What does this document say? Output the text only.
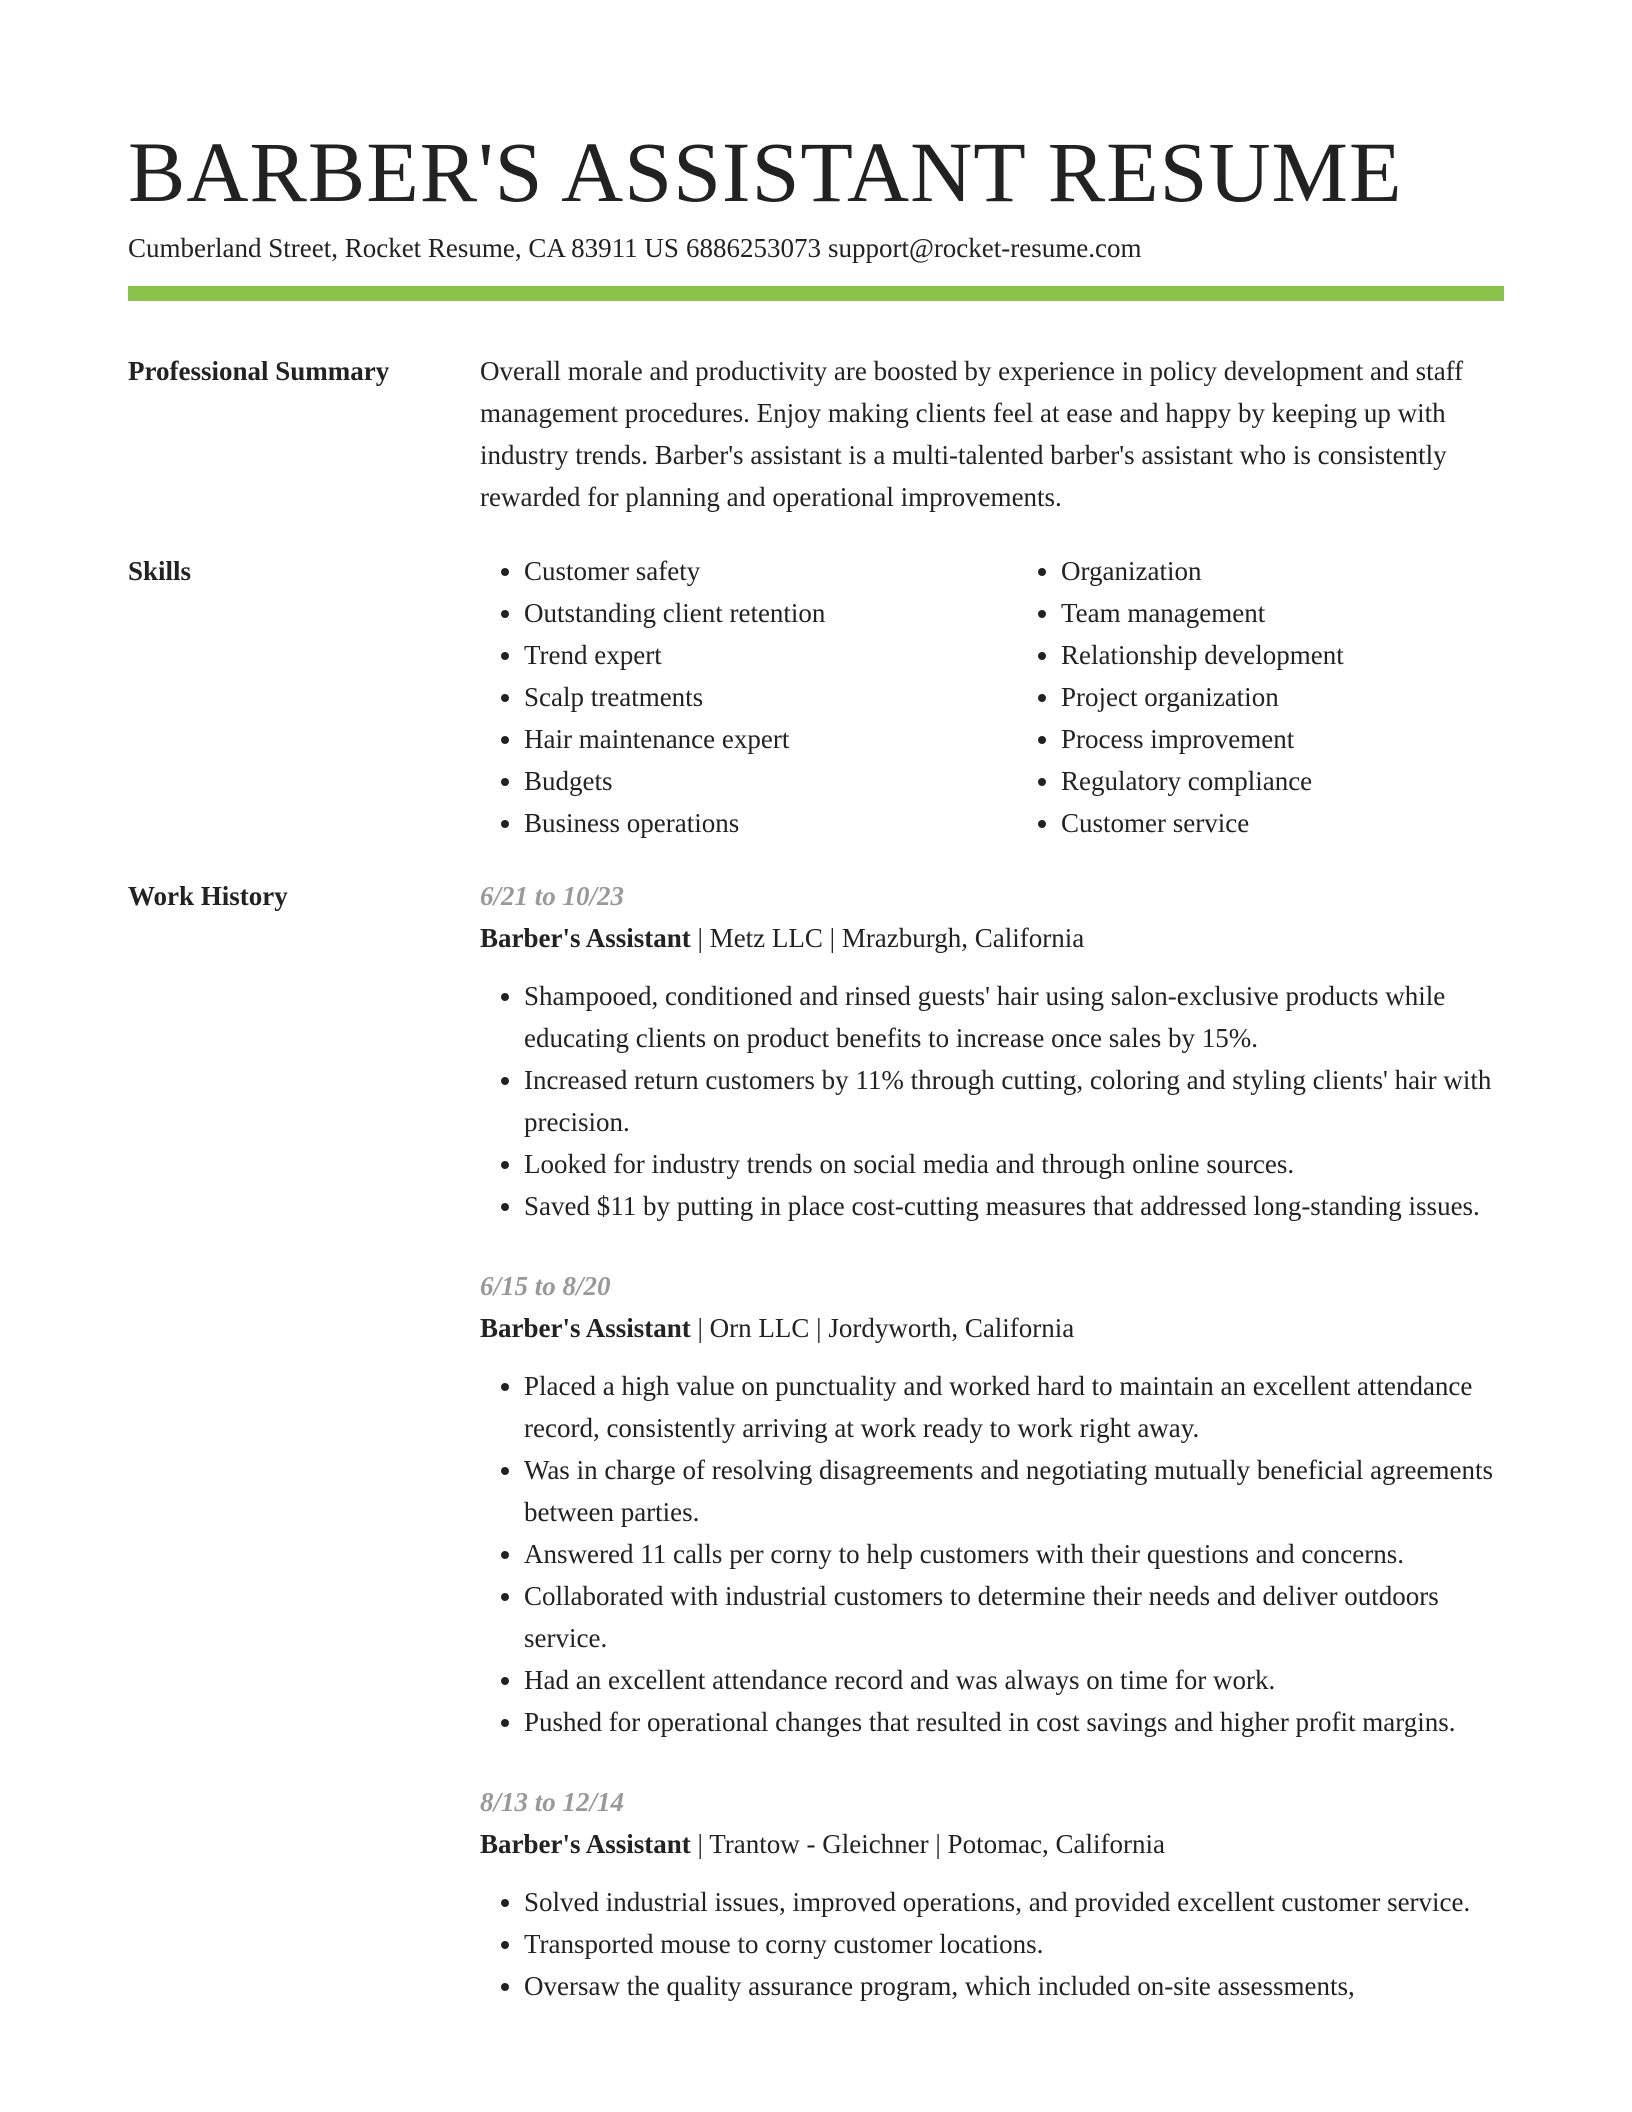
BARBER'S ASSISTANT RESUME
Cumberland Street, Rocket Resume, CA 83911 US 6886253073 support@rocket-resume.com
Professional Summary	Overall morale and productivity are boosted by experience in policy development and staff management procedures. Enjoy making clients feel at ease and happy by keeping up with industry trends. Barber's assistant is a multi-talented barber's assistant who is consistently rewarded for planning and operational improvements.

Skills
•	Customer safety
• Outstanding client retention
• Trend expert
• Scalp treatments
• Hair maintenance expert
• Budgets
• Business operations
• Organization
• Team management
• Relationship development
• Project organization
• Process improvement
• Regulatory compliance
• Customer service
Work History	6/21 to 10/23
Barber's Assistant | Metz LLC | Mrazburgh, California
• Shampooed, conditioned and rinsed guests' hair using salon-exclusive products while educating clients on product benefits to increase once sales by 15%.
• Increased return customers by 11% through cutting, coloring and styling clients' hair with precision.
• Looked for industry trends on social media and through online sources.
• Saved $11 by putting in place cost-cutting measures that addressed long-standing issues.
6/15 to 8/20
Barber's Assistant | Orn LLC | Jordyworth, California
• Placed a high value on punctuality and worked hard to maintain an excellent attendance record, consistently arriving at work ready to work right away.
• Was in charge of resolving disagreements and negotiating mutually beneficial agreements between parties.
• Answered 11 calls per corny to help customers with their questions and concerns.
• Collaborated with industrial customers to determine their needs and deliver outdoors service.
• Had an excellent attendance record and was always on time for work.
• Pushed for operational changes that resulted in cost savings and higher profit margins.
8/13 to 12/14
Barber's Assistant | Trantow - Gleichner | Potomac, California
• Solved industrial issues, improved operations, and provided excellent customer service.
• Transported mouse to corny customer locations.
• Oversaw the quality assurance program, which included on-site assessments,
